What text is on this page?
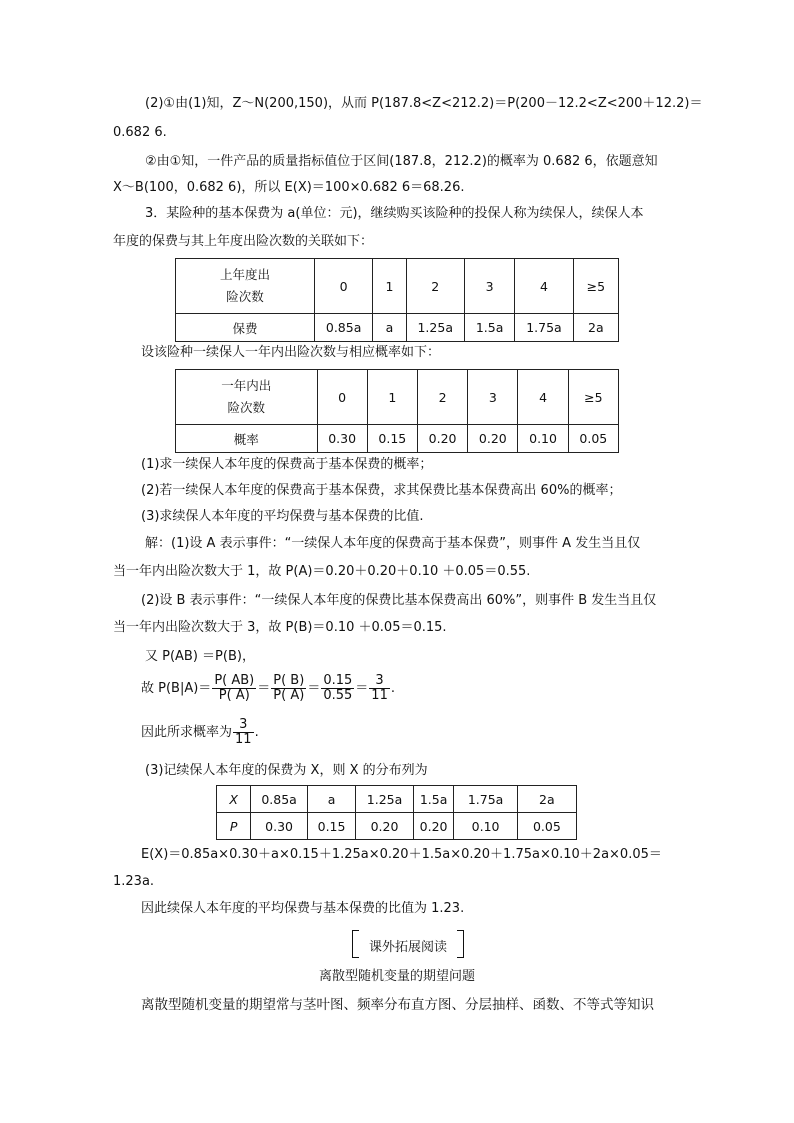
(2)①由(1)知，Z～N(200,150)，从而 P(187.8<Z<212.2)＝P(200－12.2<Z<200＋12.2)＝
0.682 6.
②由①知，一件产品的质量指标值位于区间(187.8，212.2)的概率为 0.682 6，依题意知
X～B(100，0.682 6)，所以 E(X)＝100×0.682 6＝68.26.
3．某险种的基本保费为 a(单位：元)，继续购买该险种的投保人称为续保人，续保人本
年度的保费与其上年度出险次数的关联如下：
上年度出
险次数	0	1	2	3	4	≥5
保费	0.85a	a	1.25a	1.5a	1.75a	2a
设该险种一续保人一年内出险次数与相应概率如下：
一年内出
险次数	0	1	2	3	4	≥5
概率	0.30	0.15	0.20	0.20	0.10	0.05
(1)求一续保人本年度的保费高于基本保费的概率；
(2)若一续保人本年度的保费高于基本保费，求其保费比基本保费高出 60%的概率；
(3)求续保人本年度的平均保费与基本保费的比值.
解：(1)设 A 表示事件：“一续保人本年度的保费高于基本保费”，则事件 A 发生当且仅
当一年内出险次数大于 1，故 P(A)＝0.20＋0.20＋0.10 ＋0.05＝0.55.
(2)设 B 表示事件：“一续保人本年度的保费比基本保费高出 60%”，则事件 B 发生当且仅
当一年内出险次数大于 3，故 P(B)＝0.10 ＋0.05＝0.15.
又 P(AB) ＝P(B)，
故 $P(B|A)= \frac{P( AB)}{P( A)} = \frac{P( B)}{P( A)} = \frac{0.15}{0.55} = \frac{3}{11}$ .
因此所求概率为 $\frac{3}{11}$ .
(3)记续保人本年度的保费为 X，则 X 的分布列为
X	0.85a	a	1.25a	1.5a	1.75a	2a
P	0.30	0.15	0.20	0.20	0.10	0.05
E(X)＝0.85a×0.30＋a×0.15＋1.25a×0.20＋1.5a×0.20＋1.75a×0.10＋2a×0.05＝
1.23a.
因此续保人本年度的平均保费与基本保费的比值为 1.23.
课外拓展阅读
离散型随机变量的期望问题
离散型随机变量的期望常与茎叶图、频率分布直方图、分层抽样、函数、不等式等知识
